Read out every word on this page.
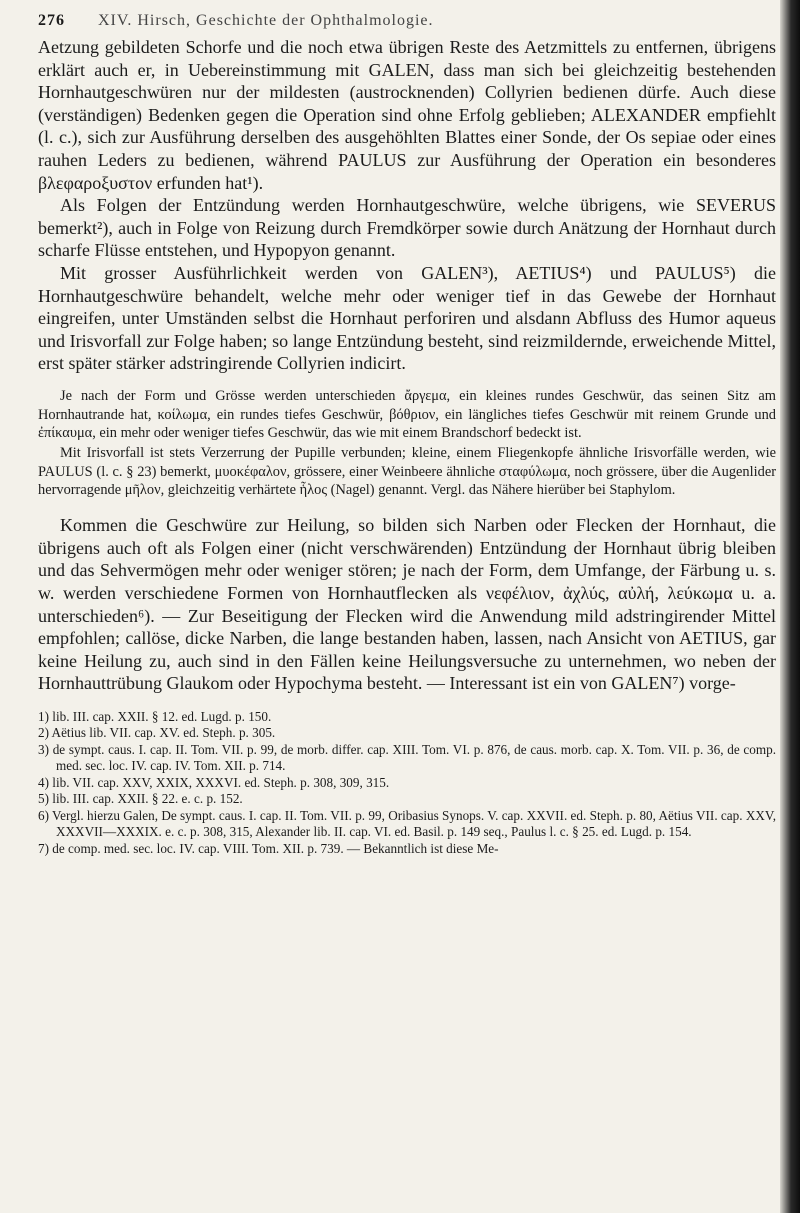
276	XIV. Hirsch, Geschichte der Ophthalmologie.

Aetzung gebildeten Schorfe und die noch etwa übrigen Reste des Aetzmittels zu entfernen, übrigens erklärt auch er, in Uebereinstimmung mit GALEN, dass man sich bei gleichzeitig bestehenden Hornhautgeschwüren nur der mildesten (austrocknenden) Collyrien bedienen dürfe. Auch diese (verständigen) Bedenken gegen die Operation sind ohne Erfolg geblieben; ALEXANDER empfiehlt (l. c.), sich zur Ausführung derselben des ausgehöhlten Blattes einer Sonde, der Os sepiae oder eines rauhen Leders zu bedienen, während PAULUS zur Ausführung der Operation ein besonderes βλεφαροξυστον erfunden hat¹).

Als Folgen der Entzündung werden Hornhautgeschwüre, welche übrigens, wie SEVERUS bemerkt²), auch in Folge von Reizung durch Fremdkörper sowie durch Anätzung der Hornhaut durch scharfe Flüsse entstehen, und Hypopyon genannt.

Mit grosser Ausführlichkeit werden von GALEN³), AETIUS⁴) und PAULUS⁵) die Hornhautgeschwüre behandelt, welche mehr oder weniger tief in das Gewebe der Hornhaut eingreifen, unter Umständen selbst die Hornhaut perforiren und alsdann Abfluss des Humor aqueus und Irisvorfall zur Folge haben; so lange Entzündung besteht, sind reizmildernde, erweichende Mittel, erst später stärker adstringirende Collyrien indicirt.

Je nach der Form und Grösse werden unterschieden ἄργεμα, ein kleines rundes Geschwür, das seinen Sitz am Hornhautrande hat, κοίλωμα, ein rundes tiefes Geschwür, βόθριον, ein längliches tiefes Geschwür mit reinem Grunde und ἐπίκαυμα, ein mehr oder weniger tiefes Geschwür, das wie mit einem Brandschorf bedeckt ist.

Mit Irisvorfall ist stets Verzerrung der Pupille verbunden; kleine, einem Fliegenkopfe ähnliche Irisvorfälle werden, wie PAULUS (l. c. § 23) bemerkt, μυοκέφαλον, grössere, einer Weinbeere ähnliche σταφύλωμα, noch grössere, über die Augenlider hervorragende μῆλον, gleichzeitig verhärtete ἧλος (Nagel) genannt. Vergl. das Nähere hierüber bei Staphylom.

Kommen die Geschwüre zur Heilung, so bilden sich Narben oder Flecken der Hornhaut, die übrigens auch oft als Folgen einer (nicht verschwärenden) Entzündung der Hornhaut übrig bleiben und das Sehvermögen mehr oder weniger stören; je nach der Form, dem Umfange, der Färbung u. s. w. werden verschiedene Formen von Hornhautflecken als νεφέλιον, ἀχλύς, αὐλή, λεύκωμα u. a. unterschieden⁶). — Zur Beseitigung der Flecken wird die Anwendung mild adstringirender Mittel empfohlen; callöse, dicke Narben, die lange bestanden haben, lassen, nach Ansicht von AETIUS, gar keine Heilung zu, auch sind in den Fällen keine Heilungsversuche zu unternehmen, wo neben der Hornhauttrübung Glaukom oder Hypochyma besteht. — Interessant ist ein von GALEN⁷) vorge-

1) lib. III. cap. XXII. § 12. ed. Lugd. p. 150.

2) Aëtius lib. VII. cap. XV. ed. Steph. p. 305.

3) de sympt. caus. I. cap. II. Tom. VII. p. 99, de morb. differ. cap. XIII. Tom. VI. p. 876, de caus. morb. cap. X. Tom. VII. p. 36, de comp. med. sec. loc. IV. cap. IV. Tom. XII. p. 714.

4) lib. VII. cap. XXV, XXIX, XXXVI. ed. Steph. p. 308, 309, 315.

5) lib. III. cap. XXII. § 22. e. c. p. 152.

6) Vergl. hierzu Galen, De sympt. caus. I. cap. II. Tom. VII. p. 99, Oribasius Synops. V. cap. XXVII. ed. Steph. p. 80, Aëtius VII. cap. XXV, XXXVII—XXXIX. e. c. p. 308, 315, Alexander lib. II. cap. VI. ed. Basil. p. 149 seq., Paulus l. c. § 25. ed. Lugd. p. 154.

7) de comp. med. sec. loc. IV. cap. VIII. Tom. XII. p. 739. — Bekanntlich ist diese Me-
